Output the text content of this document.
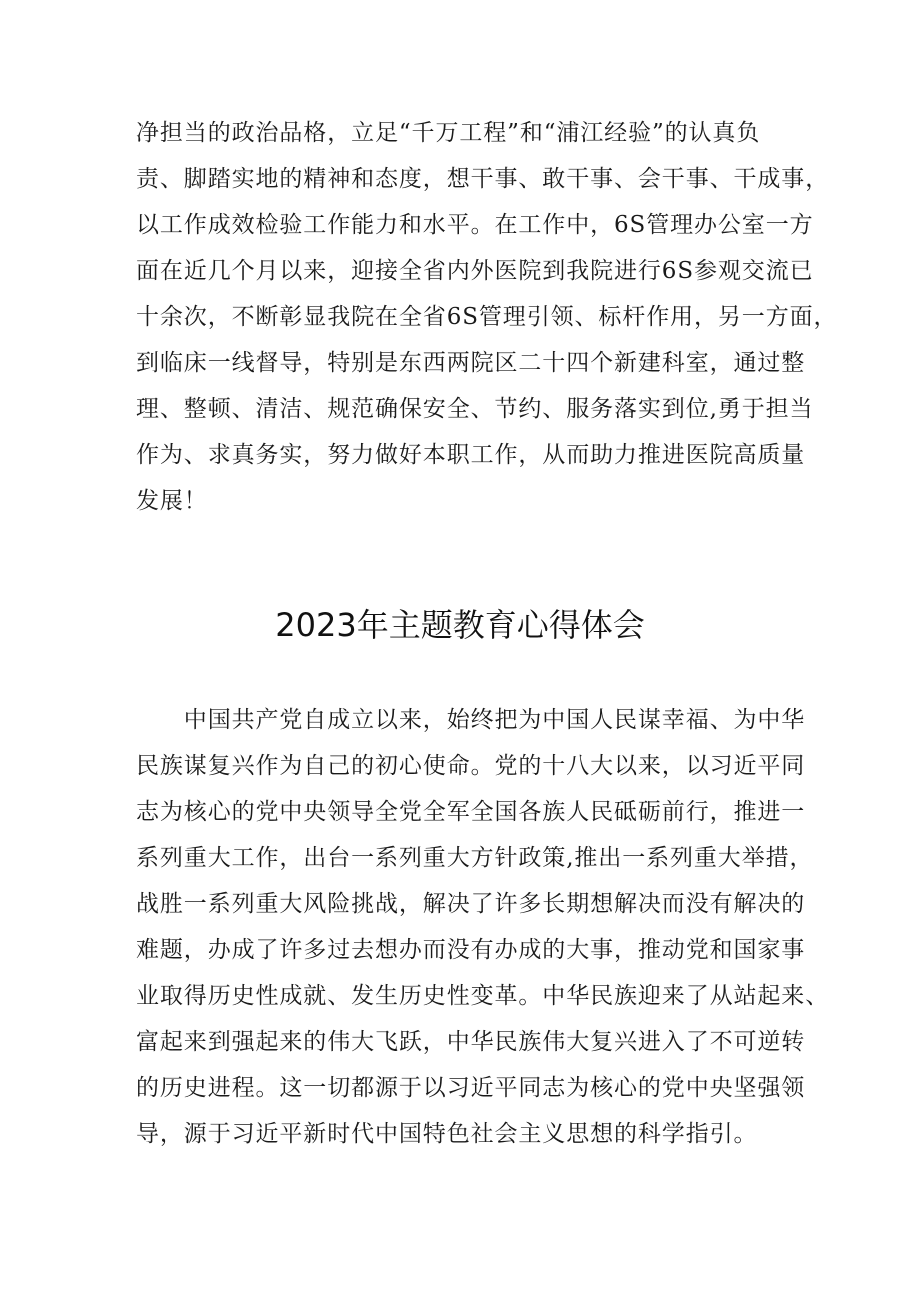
净担当的政治品格，立足“千万工程”和“浦江经验”的认真负
责、脚踏实地的精神和态度，想干事、敢干事、会干事、干成事，
以工作成效检验工作能力和水平。在工作中，6S管理办公室一方
面在近几个月以来，迎接全省内外医院到我院进行6S参观交流已
十余次，不断彰显我院在全省6S管理引领、标杆作用，另一方面，
到临床一线督导，特别是东西两院区二十四个新建科室，通过整
理、整顿、清洁、规范确保安全、节约、服务落实到位,勇于担当
作为、求真务实，努力做好本职工作，从而助力推进医院高质量
发展！
2023年主题教育心得体会
　　中国共产党自成立以来，始终把为中国人民谋幸福、为中华
民族谋复兴作为自己的初心使命。党的十八大以来，以习近平同
志为核心的党中央领导全党全军全国各族人民砥砺前行，推进一
系列重大工作，出台一系列重大方针政策,推出一系列重大举措，
战胜一系列重大风险挑战，解决了许多长期想解决而没有解决的
难题，办成了许多过去想办而没有办成的大事，推动党和国家事
业取得历史性成就、发生历史性变革。中华民族迎来了从站起来、
富起来到强起来的伟大飞跃，中华民族伟大复兴进入了不可逆转
的历史进程。这一切都源于以习近平同志为核心的党中央坚强领
导，源于习近平新时代中国特色社会主义思想的科学指引。
